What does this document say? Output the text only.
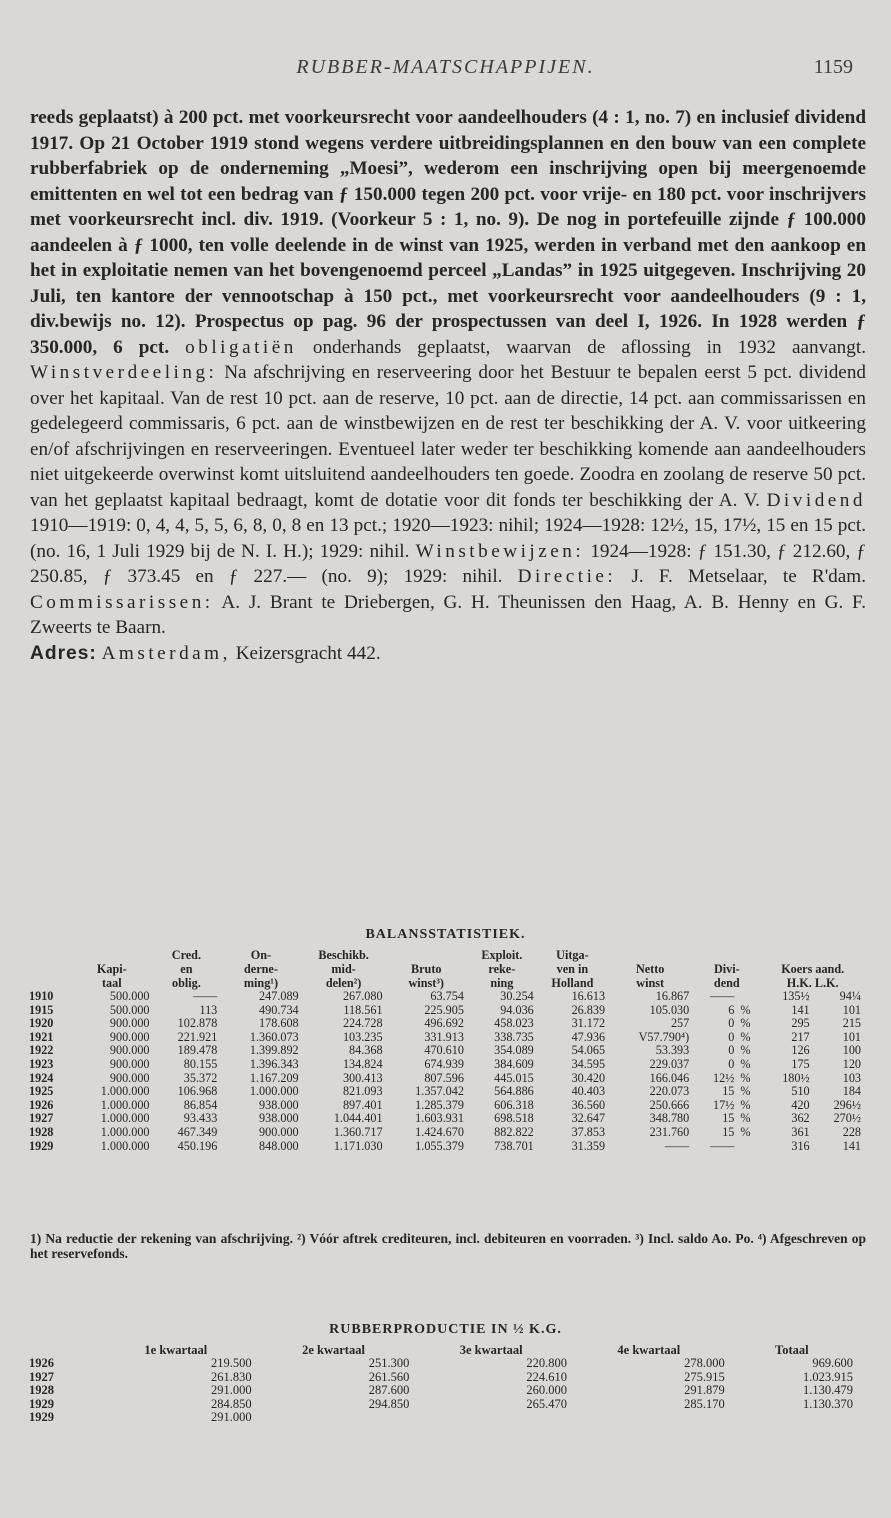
RUBBER-MAATSCHAPPIJEN.	1159

reeds geplaatst) à 200 pct. met voorkeursrecht voor aandeelhouders (4 : 1, no. 7) en inclusief dividend 1917. Op 21 October 1919 stond wegens verdere uitbreidingsplannen en den bouw van een complete rubberfabriek op de onderneming „Moesi”, wederom een inschrijving open bij meergenoemde emittenten en wel tot een bedrag van ƒ 150.000 tegen 200 pct. voor vrije- en 180 pct. voor inschrijvers met voorkeursrecht incl. div. 1919. (Voorkeur 5 : 1, no. 9). De nog in portefeuille zijnde ƒ 100.000 aandeelen à ƒ 1000, ten volle deelende in de winst van 1925, werden in verband met den aankoop en het in exploitatie nemen van het bovengenoemd perceel „Landas” in 1925 uitgegeven. Inschrijving 20 Juli, ten kantore der vennootschap à 150 pct., met voorkeursrecht voor aandeelhouders (9 : 1, div.bewijs no. 12). Prospectus op pag. 96 der prospectussen van deel I, 1926. In 1928 werden ƒ 350.000, 6 pct. obligatiën onderhands geplaatst, waarvan de aflossing in 1932 aanvangt. Winstverdeeling: Na afschrijving en reserveering door het Bestuur te bepalen eerst 5 pct. dividend over het kapitaal. Van de rest 10 pct. aan de reserve, 10 pct. aan de directie, 14 pct. aan commissarissen en gedelegeerd commissaris, 6 pct. aan de winstbewijzen en de rest ter beschikking der A. V. voor uitkeering en/of afschrijvingen en reserveeringen. Eventueel later weder ter beschikking komende aan aandeelhouders niet uitgekeerde overwinst komt uitsluitend aandeelhouders ten goede. Zoodra en zoolang de reserve 50 pct. van het geplaatst kapitaal bedraagt, komt de dotatie voor dit fonds ter beschikking der A. V. Dividend 1910—1919: 0, 4, 4, 5, 5, 6, 8, 0, 8 en 13 pct.; 1920—1923: nihil; 1924—1928: 12½, 15, 17½, 15 en 15 pct. (no. 16, 1 Juli 1929 bij de N. I. H.); 1929: nihil. Winstbewijzen: 1924—1928: ƒ 151.30, ƒ 212.60, ƒ 250.85, ƒ 373.45 en ƒ 227.— (no. 9); 1929: nihil. Directie: J. F. Metselaar, te R'dam. Commissarissen: A. J. Brant te Driebergen, G. H. Theunissen den Haag, A. B. Henny en G. F. Zweerts te Baarn.

Adres: Amsterdam, Keizersgracht 442.

BALANSSTATISTIEK.
	Kapi-
taal	Cred.
en
oblig.	On-
derne-
ming¹)	Beschikb.
mid-
delen²)	Bruto
winst³)	Exploit.
reke-
ning	Uitga-
ven in
Holland	Netto
winst	Divi-
dend		Koers aand.
H.K. L.K.	
1910	500.000	——	247.089	267.080	63.754	30.254	16.613	16.867	——		135½	94¼
1915	500.000	113	490.734	118.561	225.905	94.036	26.839	105.030	6	%	141	101
1920	900.000	102.878	178.608	224.728	496.692	458.023	31.172	257	0	%	295	215
1921	900.000	221.921	1.360.073	103.235	331.913	338.735	47.936	V57.790⁴)	0	%	217	101
1922	900.000	189.478	1.399.892	84.368	470.610	354.089	54.065	53.393	0	%	126	100
1923	900.000	80.155	1.396.343	134.824	674.939	384.609	34.595	229.037	0	%	175	120
1924	900.000	35.372	1.167.209	300.413	807.596	445.015	30.420	166.046	12½	%	180½	103
1925	1.000.000	106.968	1.000.000	821.093	1.357.042	564.886	40.403	220.073	15	%	510	184
1926	1.000.000	86.854	938.000	897.401	1.285.379	606.318	36.560	250.666	17½	%	420	296½
1927	1.000.000	93.433	938.000	1.044.401	1.603.931	698.518	32.647	348.780	15	%	362	270½
1928	1.000.000	467.349	900.000	1.360.717	1.424.670	882.822	37.853	231.760	15	%	361	228
1929	1.000.000	450.196	848.000	1.171.030	1.055.379	738.701	31.359	——	——		316	141

1) Na reductie der rekening van afschrijving. ²) Vóór aftrek crediteuren, incl. debiteuren en voorraden. ³) Incl. saldo Ao. Po. ⁴) Afgeschreven op het reservefonds.

RUBBERPRODUCTIE IN ½ K.G.
	1e kwartaal	2e kwartaal	3e kwartaal	4e kwartaal	Totaal
1926	219.500	251.300	220.800	278.000	969.600
1927	261.830	261.560	224.610	275.915	1.023.915
1928	291.000	287.600	260.000	291.879	1.130.479
1929	284.850	294.850	265.470	285.170	1.130.370
1929	291.000				
